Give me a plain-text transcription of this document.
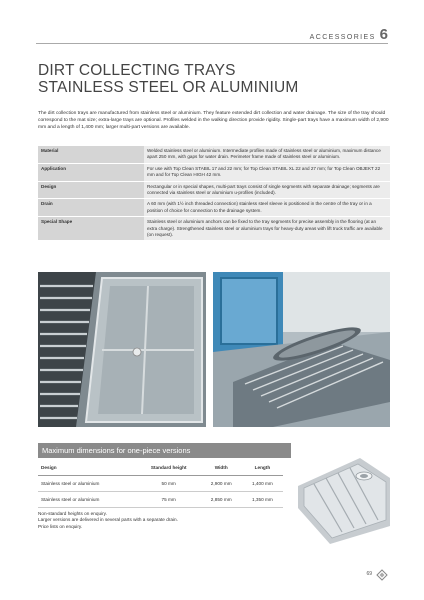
ACCESSORIES 6
DIRT COLLECTING TRAYS
STAINLESS STEEL OR ALUMINIUM
The dirt collection trays are manufactured from stainless steel or aluminium. They feature extended dirt collection and water drainage. The size of the tray should correspond to the mat size; extra-large trays are optional. Profiles welded in the walking direction provide rigidity. Single-part trays have a maximum width of 2,900 mm and a length of 1,400 mm; larger multi-part versions are available.
Material	Welded stainless steel or aluminium. Intermediate profiles made of stainless steel or aluminium, maximum distance apart 250 mm, with gaps for water drain. Perimeter frame made of stainless steel or aluminium.
Application	For use with Top Clean STABIL 17 and 22 mm; for Top Clean STABIL XL 22 and 27 mm; for Top Clean OBJEKT 22 mm and for Top Clean HIGH 42 mm.
Design	Rectangular or in special shapes, multi-part trays consist of single segments with separate drainage; segments are connected via stainless steel or aluminium u-profiles (included).
Drain	A 60 mm (with 1½ inch threaded connection) stainless steel sleeve is positioned in the centre of the tray or in a position of choice for connection to the drainage system.
Special Shape	Stainless steel or aluminium anchors can be fixed to the tray segments for precise assembly in the flooring (at an extra charge). Strengthened stainless steel or aluminium trays for heavy-duty areas with lift truck traffic are available (on request).
Maximum dimensions for one-piece versions
Design	Standard height	Width	Length
Stainless steel or aluminium	50 mm	2,900 mm	1,400 mm
Stainless steel or aluminium	75 mm	2,850 mm	1,350 mm
Non-standard heights on enquiry.
Larger versions are delivered in several parts with a separate drain.
Price lists on enquiry.
69
